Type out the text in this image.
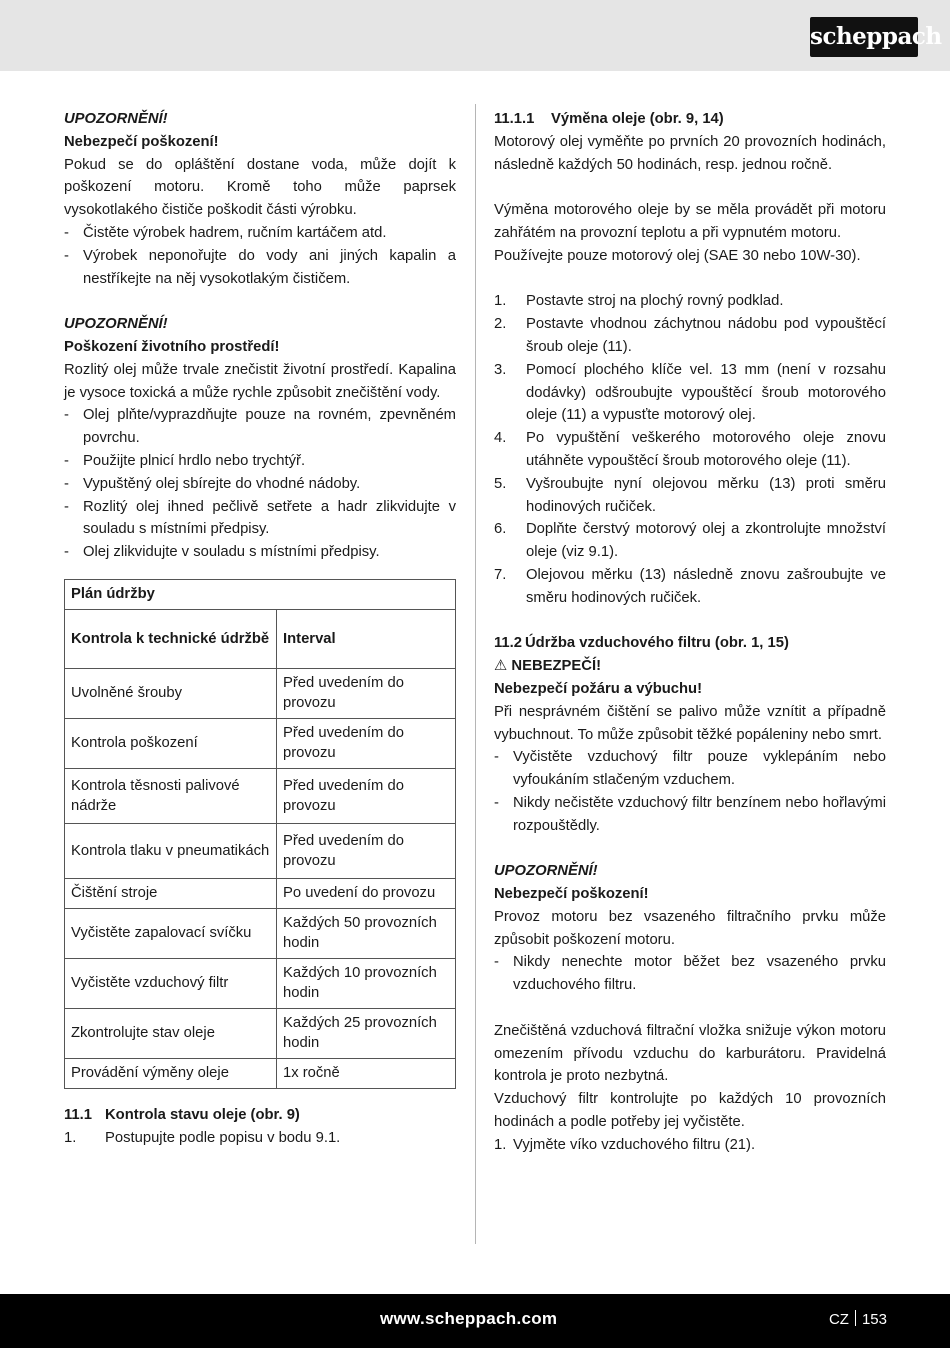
scheppach

UPOZORNĚNÍ!

Nebezpečí poškození!

Pokud se do opláštění dostane voda, může dojít k poškození motoru. Kromě toho může paprsek vysokotlakého čističe poškodit části výrobku.

- Čistěte výrobek hadrem, ručním kartáčem atd.

- Výrobek neponořujte do vody ani jiných kapalin a nestříkejte na něj vysokotlakým čističem.

UPOZORNĚNÍ!

Poškození životního prostředí!

Rozlitý olej může trvale znečistit životní prostředí. Kapalina je vysoce toxická a může rychle způsobit znečištění vody.

- Olej plňte/vyprazdňujte pouze na rovném, zpevněném povrchu.

- Použijte plnicí hrdlo nebo trychtýř.

- Vypuštěný olej sbírejte do vhodné nádoby.

- Rozlitý olej ihned pečlivě setřete a hadr zlikvidujte v souladu s místními předpisy.

- Olej zlikvidujte v souladu s místními předpisy.

Plán údržby	
Kontrola k technické údržbě	Interval
Uvolněné šrouby	Před uvedením do provozu
Kontrola poškození	Před uvedením do provozu
Kontrola těsnosti palivové nádrže	Před uvedením do provozu
Kontrola tlaku v pneumatikách	Před uvedením do provozu
Čištění stroje	Po uvedení do provozu
Vyčistěte zapalovací svíčku	Každých 50 provozních hodin
Vyčistěte vzduchový filtr	Každých 10 provozních hodin
Zkontrolujte stav oleje	Každých 25 provozních hodin
Provádění výměny oleje	1x ročně

11.1 Kontrola stavu oleje (obr. 9)

1. Postupujte podle popisu v bodu 9.1.

11.1.1 Výměna oleje (obr. 9, 14)

Motorový olej vyměňte po prvních 20 provozních hodinách, následně každých 50 hodinách, resp. jednou ročně.

Výměna motorového oleje by se měla provádět při motoru zahřátém na provozní teplotu a při vypnutém motoru.

Používejte pouze motorový olej (SAE 30 nebo 10W-30).

1. Postavte stroj na plochý rovný podklad.

2. Postavte vhodnou záchytnou nádobu pod vypouštěcí šroub oleje (11).

3. Pomocí plochého klíče vel. 13 mm (není v rozsahu dodávky) odšroubujte vypouštěcí šroub motorového oleje (11) a vypusťte motorový olej.

4. Po vypuštění veškerého motorového oleje znovu utáhněte vypouštěcí šroub motorového oleje (11).

5. Vyšroubujte nyní olejovou měrku (13) proti směru hodinových ručiček.

6. Doplňte čerstvý motorový olej a zkontrolujte množství oleje (viz 9.1).

7. Olejovou měrku (13) následně znovu zašroubujte ve směru hodinových ručiček.

11.2 Údržba vzduchového filtru (obr. 1, 15)

⚠ NEBEZPEČÍ!

Nebezpečí požáru a výbuchu!

Při nesprávném čištění se palivo může vznítit a případně vybuchnout. To může způsobit těžké popáleniny nebo smrt.

- Vyčistěte vzduchový filtr pouze vyklepáním nebo vyfoukáním stlačeným vzduchem.

- Nikdy nečistěte vzduchový filtr benzínem nebo hořlavými rozpouštědly.

UPOZORNĚNÍ!

Nebezpečí poškození!

Provoz motoru bez vsazeného filtračního prvku může způsobit poškození motoru.

- Nikdy nenechte motor běžet bez vsazeného prvku vzduchového filtru.

Znečištěná vzduchová filtrační vložka snižuje výkon motoru omezením přívodu vzduchu do karburátoru. Pravidelná kontrola je proto nezbytná.

Vzduchový filtr kontrolujte po každých 10 provozních hodinách a podle potřeby jej vyčistěte.

1. Vyjměte víko vzduchového filtru (21).

www.scheppach.com	CZ 153
